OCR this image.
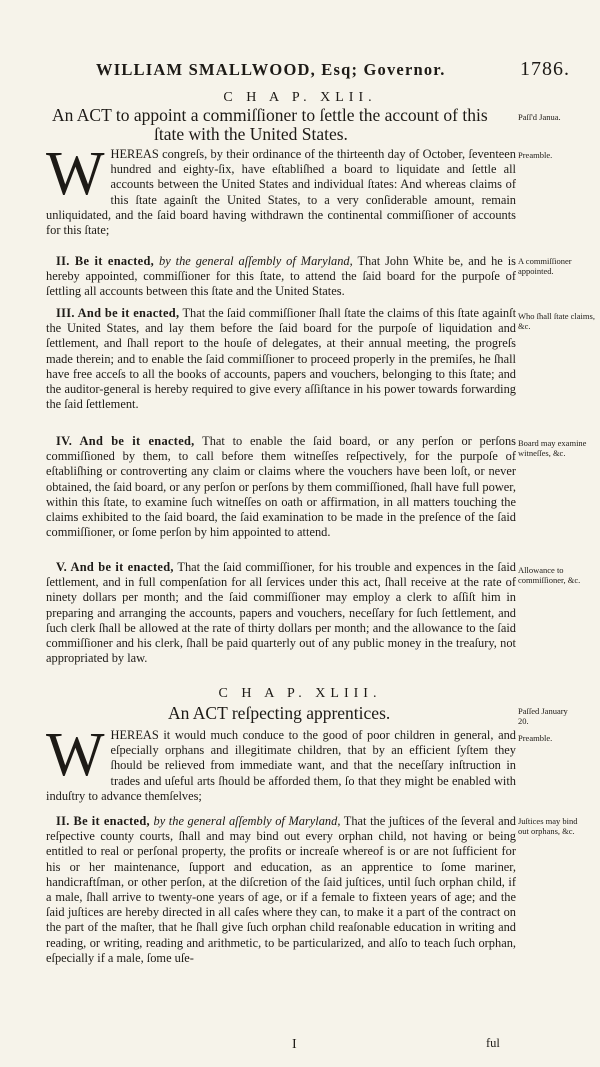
WILLIAM SMALLWOOD, Esq; Governor.	1786.
C H A P. XLII.
An ACT to appoint a commiſſioner to ſettle the account of this
ſtate with the United States.
Paſſ'd Janua.
WHEREAS congreſs, by their ordinance of the thirteenth day of October, ſeventeen hundred and eighty-ſix, have eſtabliſhed a board to liquidate and ſettle all accounts between the United States and individual ſtates: And whereas claims of this ſtate againſt the United States, to a very conſiderable amount, remain unliquidated, and the ſaid board having withdrawn the continental commiſſioner of accounts for this ſtate;
Preamble.
II. Be it enacted, by the general aſſembly of Maryland, That John White be, and he is hereby appointed, commiſſioner for this ſtate, to attend the ſaid board for the purpoſe of ſettling all accounts between this ſtate and the United States.
A commiſſioner appointed.
III. And be it enacted, That the ſaid commiſſioner ſhall ſtate the claims of this ſtate againſt the United States, and lay them before the ſaid board for the purpoſe of liquidation and ſettlement, and ſhall report to the houſe of delegates, at their annual meeting, the progreſs made therein; and to enable the ſaid commiſſioner to proceed properly in the premiſes, he ſhall have free acceſs to all the books of accounts, papers and vouchers, belonging to this ſtate; and the auditor-general is hereby required to give every aſſiſtance in his power towards forwarding the ſaid ſettlement.
Who ſhall ſtate claims, &c.
IV. And be it enacted, That to enable the ſaid board, or any perſon or perſons commiſſioned by them, to call before them witneſſes reſpectively, for the purpoſe of eſtabliſhing or controverting any claim or claims where the vouchers have been loſt, or never obtained, the ſaid board, or any perſon or perſons by them commiſſioned, ſhall have full power, within this ſtate, to examine ſuch witneſſes on oath or affirmation, in all matters touching the claims exhibited to the ſaid board, the ſaid examination to be made in the preſence of the ſaid commiſſioner, or ſome perſon by him appointed to attend.
Board may examine witneſſes, &c.
V. And be it enacted, That the ſaid commiſſioner, for his trouble and expences in the ſaid ſettlement, and in full compenſation for all ſervices under this act, ſhall receive at the rate of ninety dollars per month; and the ſaid commiſſioner may employ a clerk to aſſiſt him in preparing and arranging the accounts, papers and vouchers, neceſſary for ſuch ſettlement, and ſuch clerk ſhall be allowed at the rate of thirty dollars per month; and the allowance to the ſaid commiſſioner and his clerk, ſhall be paid quarterly out of any public money in the treaſury, not appropriated by law.
Allowance to commiſſioner, &c.
C H A P. XLIII.
An ACT reſpecting apprentices.	Paſſed January 20.
WHEREAS it would much conduce to the good of poor children in general, and eſpecially orphans and illegitimate children, that by an efficient ſyſtem they ſhould be relieved from immediate want, and that the neceſſary inſtruction in trades and uſeful arts ſhould be afforded them, ſo that they might be enabled with induſtry to advance themſelves;
Preamble.
II. Be it enacted, by the general aſſembly of Maryland, That the juſtices of the ſeveral and reſpective county courts, ſhall and may bind out every orphan child, not having or being entitled to real or perſonal property, the profits or increaſe whereof is or are not ſufficient for his or her maintenance, ſupport and education, as an apprentice to ſome mariner, handicraftſman, or other perſon, at the diſcretion of the ſaid juſtices, until ſuch orphan child, if a male, ſhall arrive to twenty-one years of age, or if a female to fixteen years of age; and the ſaid juſtices are hereby directed in all caſes where they can, to make it a part of the contract on the part of the maſter, that he ſhall give ſuch orphan child reaſonable education in writing and reading, or writing, reading and arithmetic, to be particularized, and alſo to teach ſuch orphan, eſpecially if a male, ſome uſe-
Juſtices may bind out orphans, &c.
I	ful
